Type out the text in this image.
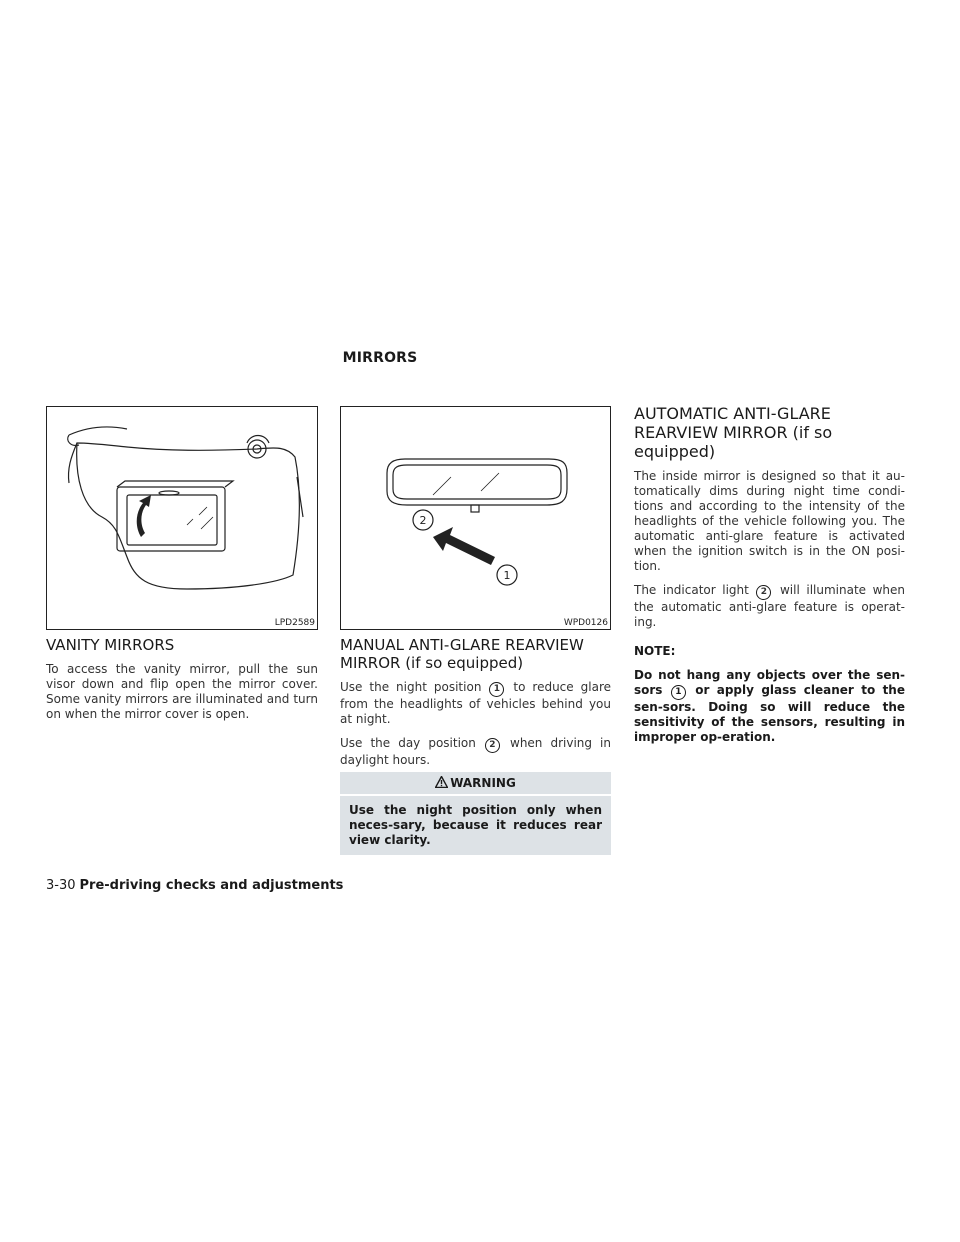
MIRRORS
LPD2589
2
1
WPD0126
VANITY MIRRORS

To access the vanity mirror, pull the sun visor down and flip open the mirror cover. Some vanity mirrors are illuminated and turn on when the mirror cover is open.

MANUAL ANTI-GLARE REARVIEW MIRROR (if so equipped)

Use the night position 1 to reduce glare from the headlights of vehicles behind you at night.

Use the day position 2 when driving in daylight hours.

WARNING
Use the night position only when neces-sary, because it reduces rear view clarity.
AUTOMATIC ANTI-GLARE REARVIEW MIRROR (if so equipped)

The inside mirror is designed so that it au-tomatically dims during night time condi-tions and according to the intensity of the headlights of the vehicle following you. The automatic anti-glare feature is activated when the ignition switch is in the ON posi-tion.

The indicator light 2 will illuminate when the automatic anti-glare feature is operat-ing.

NOTE:

Do not hang any objects over the sen-sors 1 or apply glass cleaner to the sen-sors. Doing so will reduce the sensitivity of the sensors, resulting in improper op-eration.

3-30 Pre-driving checks and adjustments
